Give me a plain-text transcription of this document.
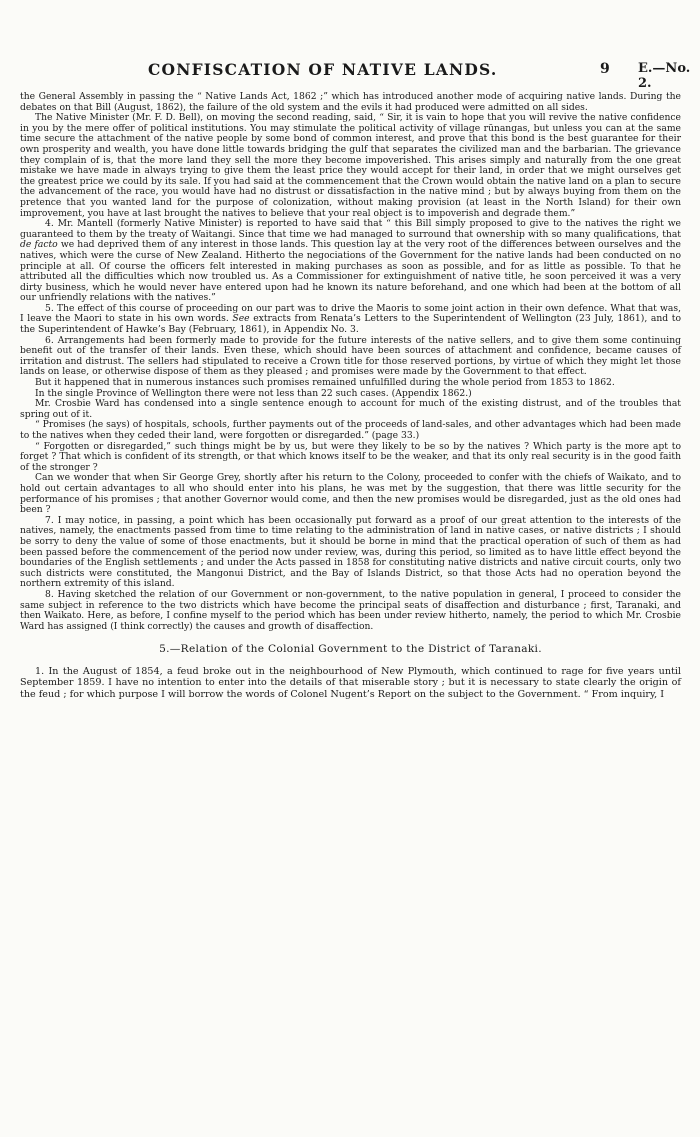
CONFISCATION OF NATIVE LANDS.	9 E.—No. 2.

the General Assembly in passing the “ Native Lands Act, 1862 ;” which has introduced another mode of acquiring native lands. During the debates on that Bill (August, 1862), the failure of the old system and the evils it had produced were admitted on all sides.

The Native Minister (Mr. F. D. Bell), on moving the second reading, said, “ Sir, it is vain to hope that you will revive the native confidence in you by the mere offer of political institutions. You may stimulate the political activity of village rūnangas, but unless you can at the same time secure the attachment of the native people by some bond of common interest, and prove that this bond is the best guarantee for their own prosperity and wealth, you have done little towards bridging the gulf that separates the civilized man and the barbarian. The grievance they complain of is, that the more land they sell the more they become impoverished. This arises simply and naturally from the one great mistake we have made in always trying to give them the least price they would accept for their land, in order that we might ourselves get the greatest price we could by its sale. If you had said at the commencement that the Crown would obtain the native land on a plan to secure the advancement of the race, you would have had no distrust or dissatisfaction in the native mind ; but by always buying from them on the pretence that you wanted land for the purpose of colonization, without making provision (at least in the North Island) for their own improvement, you have at last brought the natives to believe that your real object is to impoverish and degrade them.”

4. Mr. Mantell (formerly Native Minister) is reported to have said that “ this Bill simply proposed to give to the natives the right we guaranteed to them by the treaty of Waitangi. Since that time we had managed to surround that ownership with so many qualifications, that de facto we had deprived them of any interest in those lands. This question lay at the very root of the differences between ourselves and the natives, which were the curse of New Zealand. Hitherto the negociations of the Government for the native lands had been conducted on no principle at all. Of course the officers felt interested in making purchases as soon as possible, and for as little as possible. To that he attributed all the difficulties which now troubled us. As a Commissioner for extinguishment of native title, he soon perceived it was a very dirty business, which he would never have entered upon had he known its nature beforehand, and one which had been at the bottom of all our unfriendly relations with the natives.”

5. The effect of this course of proceeding on our part was to drive the Maoris to some joint action in their own defence. What that was, I leave the Maori to state in his own words. See extracts from Renata’s Letters to the Superintendent of Wellington (23 July, 1861), and to the Superintendent of Hawke’s Bay (February, 1861), in Appendix No. 3.

6. Arrangements had been formerly made to provide for the future interests of the native sellers, and to give them some continuing benefit out of the transfer of their lands. Even these, which should have been sources of attachment and confidence, became causes of irritation and distrust. The sellers had stipulated to receive a Crown title for those reserved portions, by virtue of which they might let those lands on lease, or otherwise dispose of them as they pleased ; and promises were made by the Government to that effect.

But it happened that in numerous instances such promises remained unfulfilled during the whole period from 1853 to 1862.

In the single Province of Wellington there were not less than 22 such cases. (Appendix 1862.)

Mr. Crosbie Ward has condensed into a single sentence enough to account for much of the existing distrust, and of the troubles that spring out of it.

“ Promises (he says) of hospitals, schools, further payments out of the proceeds of land-sales, and other advantages which had been made to the natives when they ceded their land, were forgotten or disregarded.” (page 33.)

“ Forgotten or disregarded,” such things might be by us, but were they likely to be so by the natives ? Which party is the more apt to forget ? That which is confident of its strength, or that which knows itself to be the weaker, and that its only real security is in the good faith of the stronger ?

Can we wonder that when Sir George Grey, shortly after his return to the Colony, proceeded to confer with the chiefs of Waikato, and to hold out certain advantages to all who should enter into his plans, he was met by the suggestion, that there was little security for the performance of his promises ; that another Governor would come, and then the new promises would be disregarded, just as the old ones had been ?

7. I may notice, in passing, a point which has been occasionally put forward as a proof of our great attention to the interests of the natives, namely, the enactments passed from time to time relating to the administration of land in native cases, or native districts ; I should be sorry to deny the value of some of those enactments, but it should be borne in mind that the practical operation of such of them as had been passed before the commencement of the period now under review, was, during this period, so limited as to have little effect beyond the boundaries of the English settlements ; and under the Acts passed in 1858 for constituting native districts and native circuit courts, only two such districts were constituted, the Mangonui District, and the Bay of Islands District, so that those Acts had no operation beyond the northern extremity of this island.

8. Having sketched the relation of our Government or non-government, to the native population in general, I proceed to consider the same subject in reference to the two districts which have become the principal seats of disaffection and disturbance ; first, Taranaki, and then Waikato. Here, as before, I confine myself to the period which has been under review hitherto, namely, the period to which Mr. Crosbie Ward has assigned (I think correctly) the causes and growth of disaffection.

5.—Relation of the Colonial Government to the District of Taranaki.

1. In the August of 1854, a feud broke out in the neighbourhood of New Plymouth, which continued to rage for five years until September 1859. I have no intention to enter into the details of that miserable story ; but it is necessary to state clearly the origin of the feud ; for which purpose I will borrow the words of Colonel Nugent’s Report on the subject to the Government. “ From inquiry, I
